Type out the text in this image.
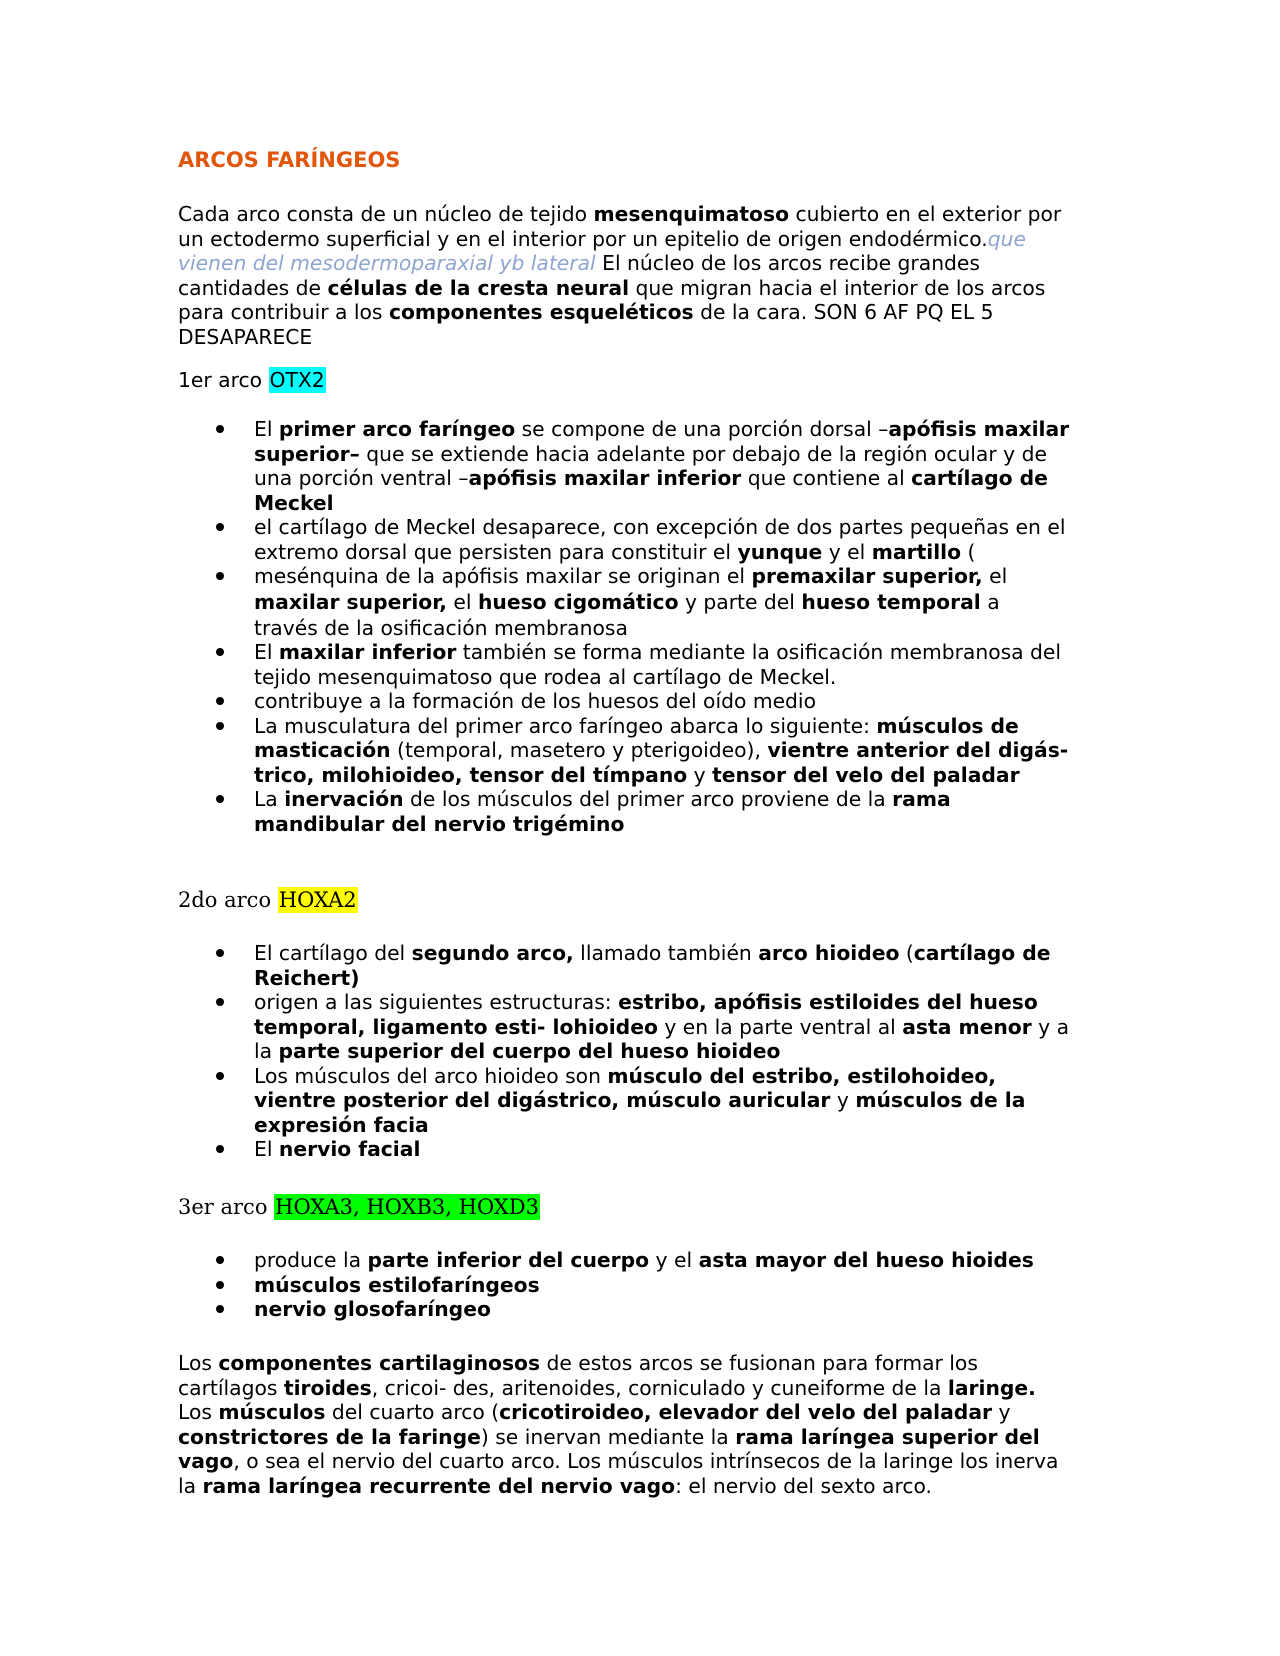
ARCOS FARÍNGEOS

Cada arco consta de un núcleo de tejido mesenquimatoso cubierto en el exterior por
un ectodermo superficial y en el interior por un epitelio de origen endodérmico.que
vienen del mesodermoparaxial yb lateral El núcleo de los arcos recibe grandes
cantidades de células de la cresta neural que migran hacia el interior de los arcos
para contribuir a los componentes esqueléticos de la cara. SON 6 AF PQ EL 5
DESAPARECE

1er arco OTX2
El primer arco faríngeo se compone de una porción dorsal –apófisis maxilar
superior– que se extiende hacia adelante por debajo de la región ocular y de
una porción ventral –apófisis maxilar inferior que contiene al cartílago de
Meckel
el cartílago de Meckel desaparece, con excepción de dos partes pequeñas en el
extremo dorsal que persisten para constituir el yunque y el martillo (
mesénquina de la apófisis maxilar se originan el premaxilar superior, el
maxilar superior, el hueso cigomático y parte del hueso temporal a
través de la osificación membranosa
El maxilar inferior también se forma mediante la osificación membranosa del
tejido mesenquimatoso que rodea al cartílago de Meckel.
contribuye a la formación de los huesos del oído medio
La musculatura del primer arco faríngeo abarca lo siguiente: músculos de
masticación (temporal, masetero y pterigoideo), vientre anterior del digás-
trico, milohioideo, tensor del tímpano y tensor del velo del paladar
La inervación de los músculos del primer arco proviene de la rama
mandibular del nervio trigémino
2do arco HOXA2
El cartílago del segundo arco, llamado también arco hioideo (cartílago de
Reichert)
origen a las siguientes estructuras: estribo, apófisis estiloides del hueso
temporal, ligamento esti- lohioideo y en la parte ventral al asta menor y a
la parte superior del cuerpo del hueso hioideo
Los músculos del arco hioideo son músculo del estribo, estilohoideo,
vientre posterior del digástrico, músculo auricular y músculos de la
expresión facia
El nervio facial
3er arco HOXA3, HOXB3, HOXD3
produce la parte inferior del cuerpo y el asta mayor del hueso hioides
músculos estilofaríngeos
nervio glosofaríngeo

Los componentes cartilaginosos de estos arcos se fusionan para formar los
cartílagos tiroides, cricoi- des, aritenoides, corniculado y cuneiforme de la laringe.
Los músculos del cuarto arco (cricotiroideo, elevador del velo del paladar y
constrictores de la faringe) se inervan mediante la rama laríngea superior del
vago, o sea el nervio del cuarto arco. Los músculos intrínsecos de la laringe los inerva
la rama laríngea recurrente del nervio vago: el nervio del sexto arco.
